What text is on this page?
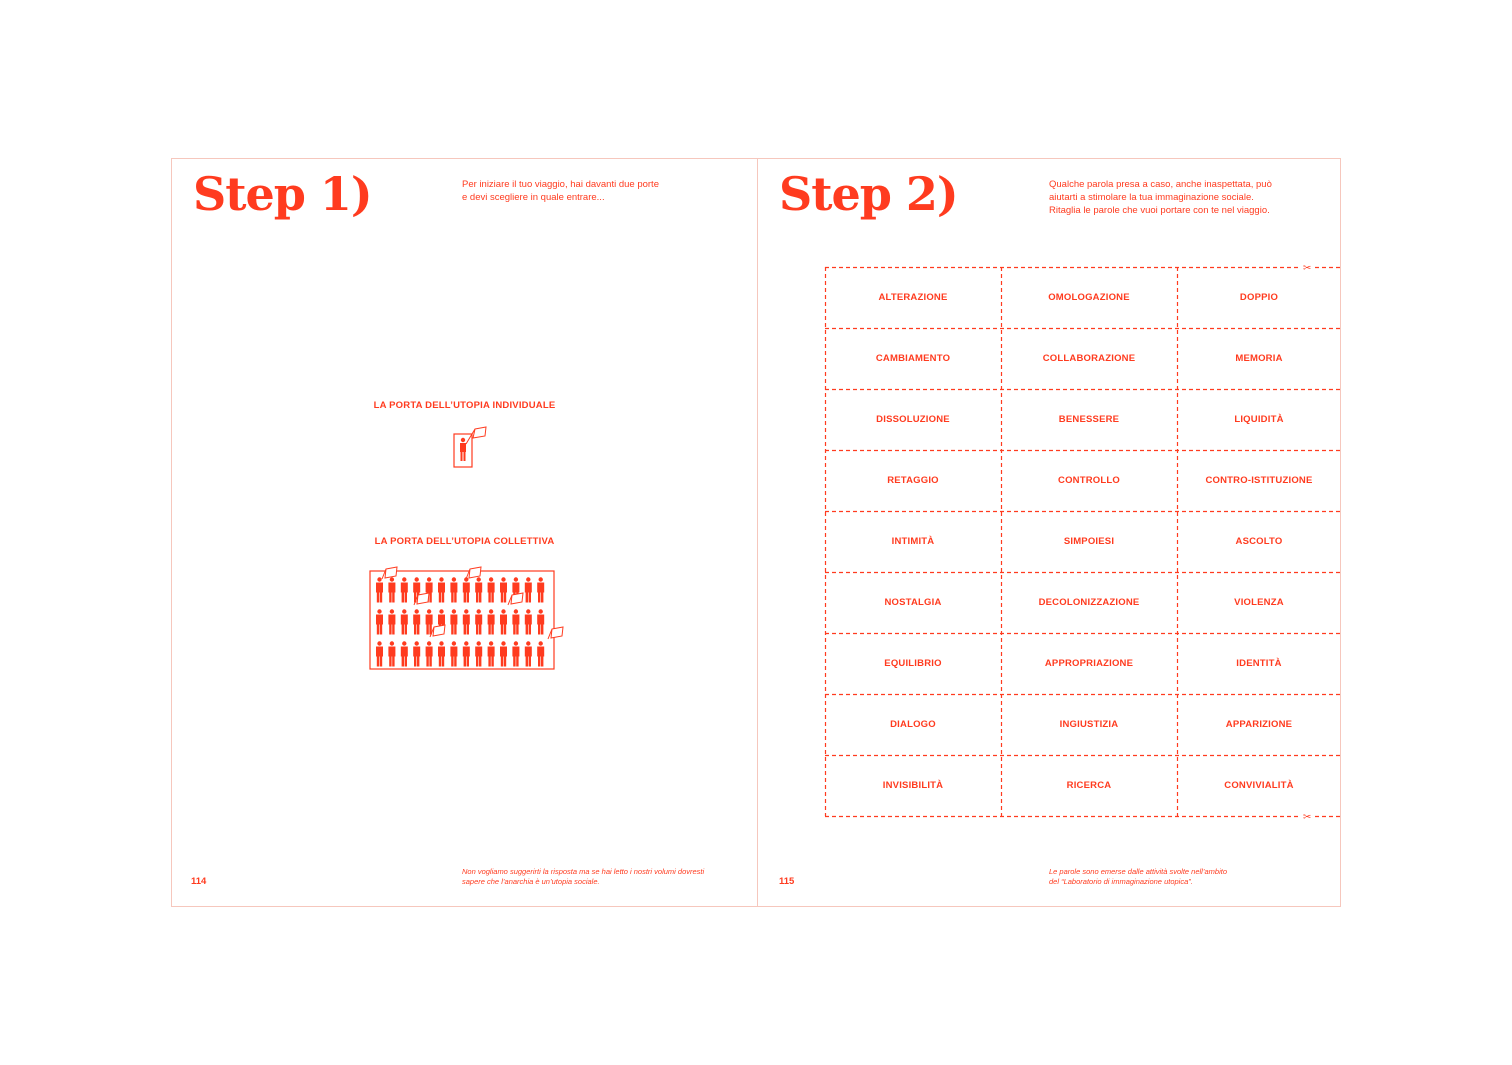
Step 1)	Per iniziare il tuo viaggio, hai davanti due porte
e devi scegliere in quale entrare...
LA PORTA DELL’UTOPIA INDIVIDUALE
LA PORTA DELL’UTOPIA COLLETTIVA
114
Non vogliamo suggerirti la risposta ma se hai letto i nostri volumi dovresti
sapere che l’anarchia è un’utopia sociale.
Step 2)	Qualche parola presa a caso, anche inaspettata, può
aiutarti a stimolare la tua immaginazione sociale.
Ritaglia le parole che vuoi portare con te nel viaggio.
✂
✂
ALTERAZIONE	OMOLOGAZIONE	DOPPIO
CAMBIAMENTO	COLLABORAZIONE	MEMORIA
DISSOLUZIONE	BENESSERE	LIQUIDITÀ
RETAGGIO	CONTROLLO	CONTRO-ISTITUZIONE
INTIMITÀ	SIMPOIESI	ASCOLTO
NOSTALGIA	DECOLONIZZAZIONE	VIOLENZA
EQUILIBRIO	APPROPRIAZIONE	IDENTITÀ
DIALOGO	INGIUSTIZIA	APPARIZIONE
INVISIBILITÀ	RICERCA	CONVIVIALITÀ
115
Le parole sono emerse dalle attività svolte nell’ambito
del “Laboratorio di immaginazione utopica”.
